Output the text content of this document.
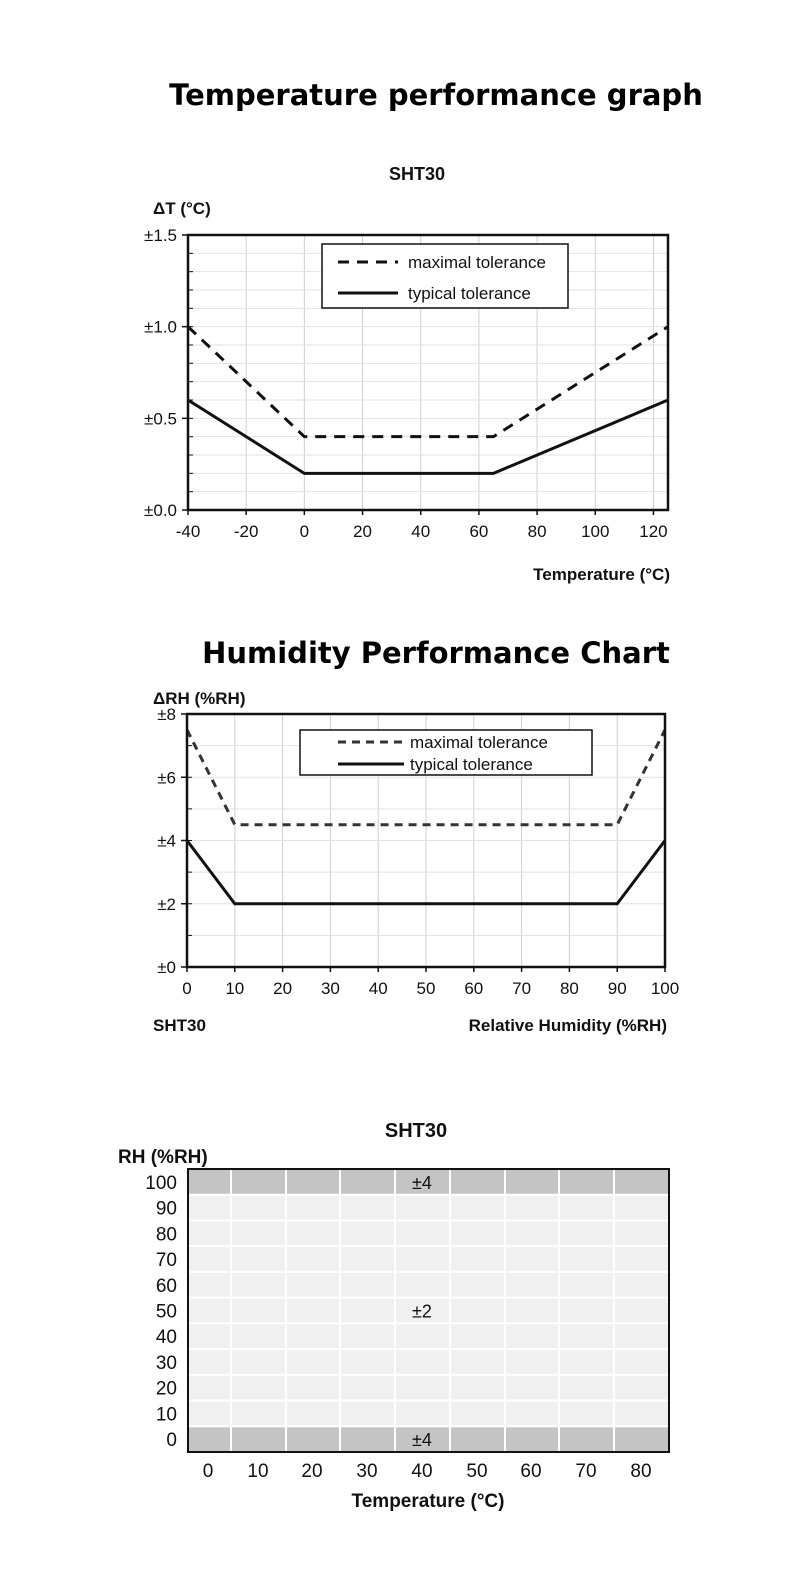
Temperature performance graph
maximal tolerance
typical tolerance
-40 -20 0	20 40 60 80 100 120
±0.0
±0.5
±1.0
±1.5
SHT30
ΔT (°C)
Temperature (°C)
Humidity Performance Chart
maximal tolerance
typical tolerance
0 10 20 30 40 50 60 70 80 90 100
±0
±2
±4
±6
±8
ΔRH (%RH)
Relative Humidity (%RH)
SHT30
±4
±2
±4
100
90
80
70
60
50
40
30
20
10
0
0 10 20 30 40 50 60 70 80
SHT30
RH (%RH)
Temperature (°C)
